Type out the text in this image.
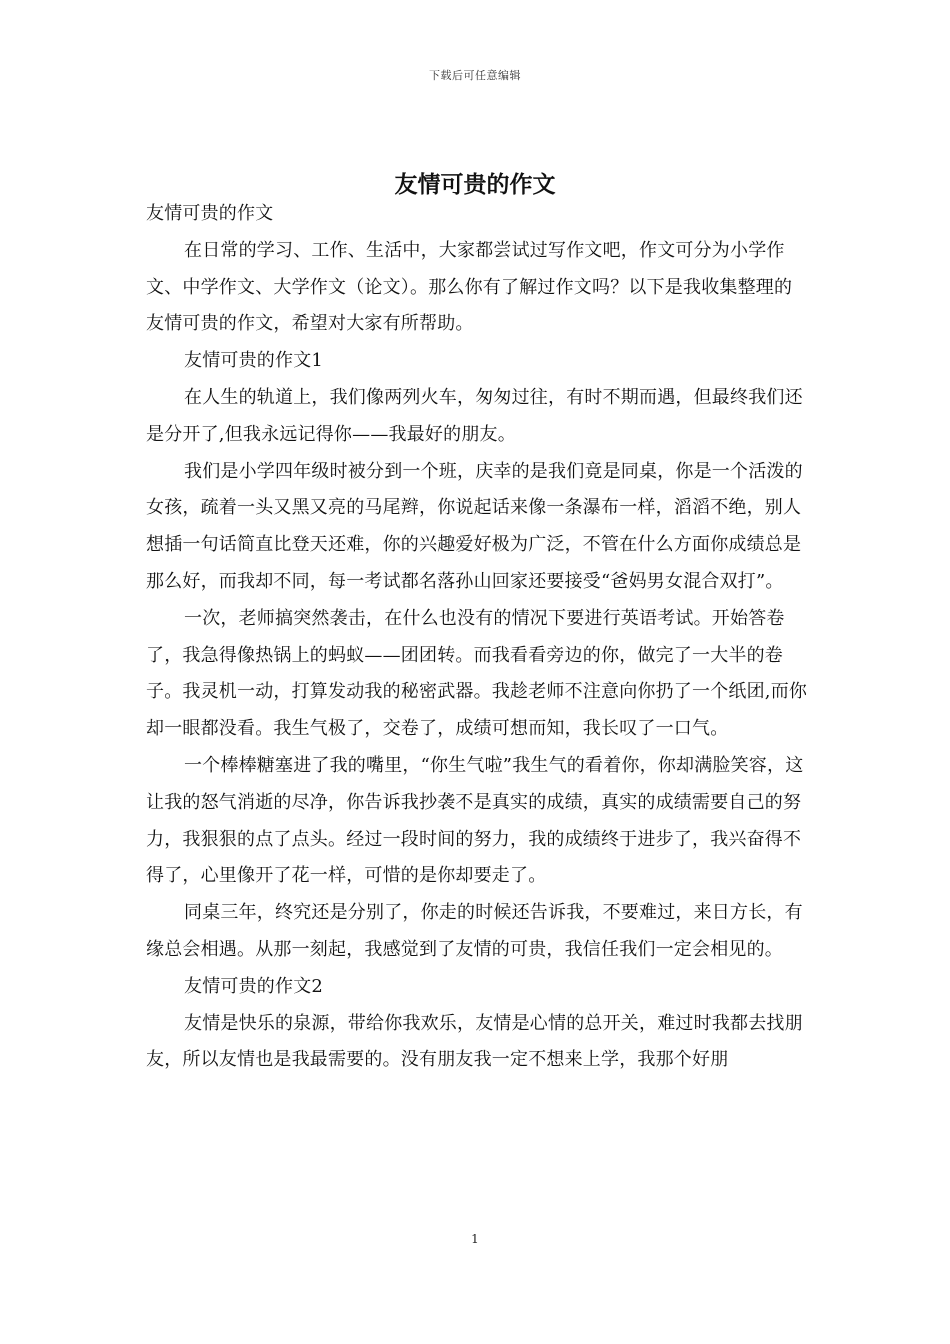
下载后可任意编辑
友情可贵的作文

友情可贵的作文

在日常的学习、工作、生活中，大家都尝试过写作文吧，作文可分为小学作文、中学作文、大学作文（论文）。那么你有了解过作文吗？以下是我收集整理的友情可贵的作文，希望对大家有所帮助。

友情可贵的作文1

在人生的轨道上，我们像两列火车，匆匆过往，有时不期而遇，但最终我们还是分开了,但我永远记得你——我最好的朋友。

我们是小学四年级时被分到一个班，庆幸的是我们竟是同桌，你是一个活泼的女孩，疏着一头又黑又亮的马尾辫，你说起话来像一条瀑布一样，滔滔不绝，别人想插一句话简直比登天还难，你的兴趣爱好极为广泛，不管在什么方面你成绩总是那么好，而我却不同，每一考试都名落孙山回家还要接受“爸妈男女混合双打”。

一次，老师搞突然袭击，在什么也没有的情况下要进行英语考试。开始答卷了，我急得像热锅上的蚂蚁——团团转。而我看看旁边的你，做完了一大半的卷子。我灵机一动，打算发动我的秘密武器。我趁老师不注意向你扔了一个纸团,而你却一眼都没看。我生气极了，交卷了，成绩可想而知，我长叹了一口气。

一个棒棒糖塞进了我的嘴里，“你生气啦”我生气的看着你，你却满脸笑容，这让我的怒气消逝的尽净，你告诉我抄袭不是真实的成绩，真实的成绩需要自己的努力，我狠狠的点了点头。经过一段时间的努力，我的成绩终于进步了，我兴奋得不得了，心里像开了花一样，可惜的是你却要走了。

同桌三年，终究还是分别了，你走的时候还告诉我，不要难过，来日方长，有缘总会相遇。从那一刻起，我感觉到了友情的可贵，我信任我们一定会相见的。

友情可贵的作文2

友情是快乐的泉源，带给你我欢乐，友情是心情的总开关，难过时我都去找朋友，所以友情也是我最需要的。没有朋友我一定不想来上学，我那个好朋

1
